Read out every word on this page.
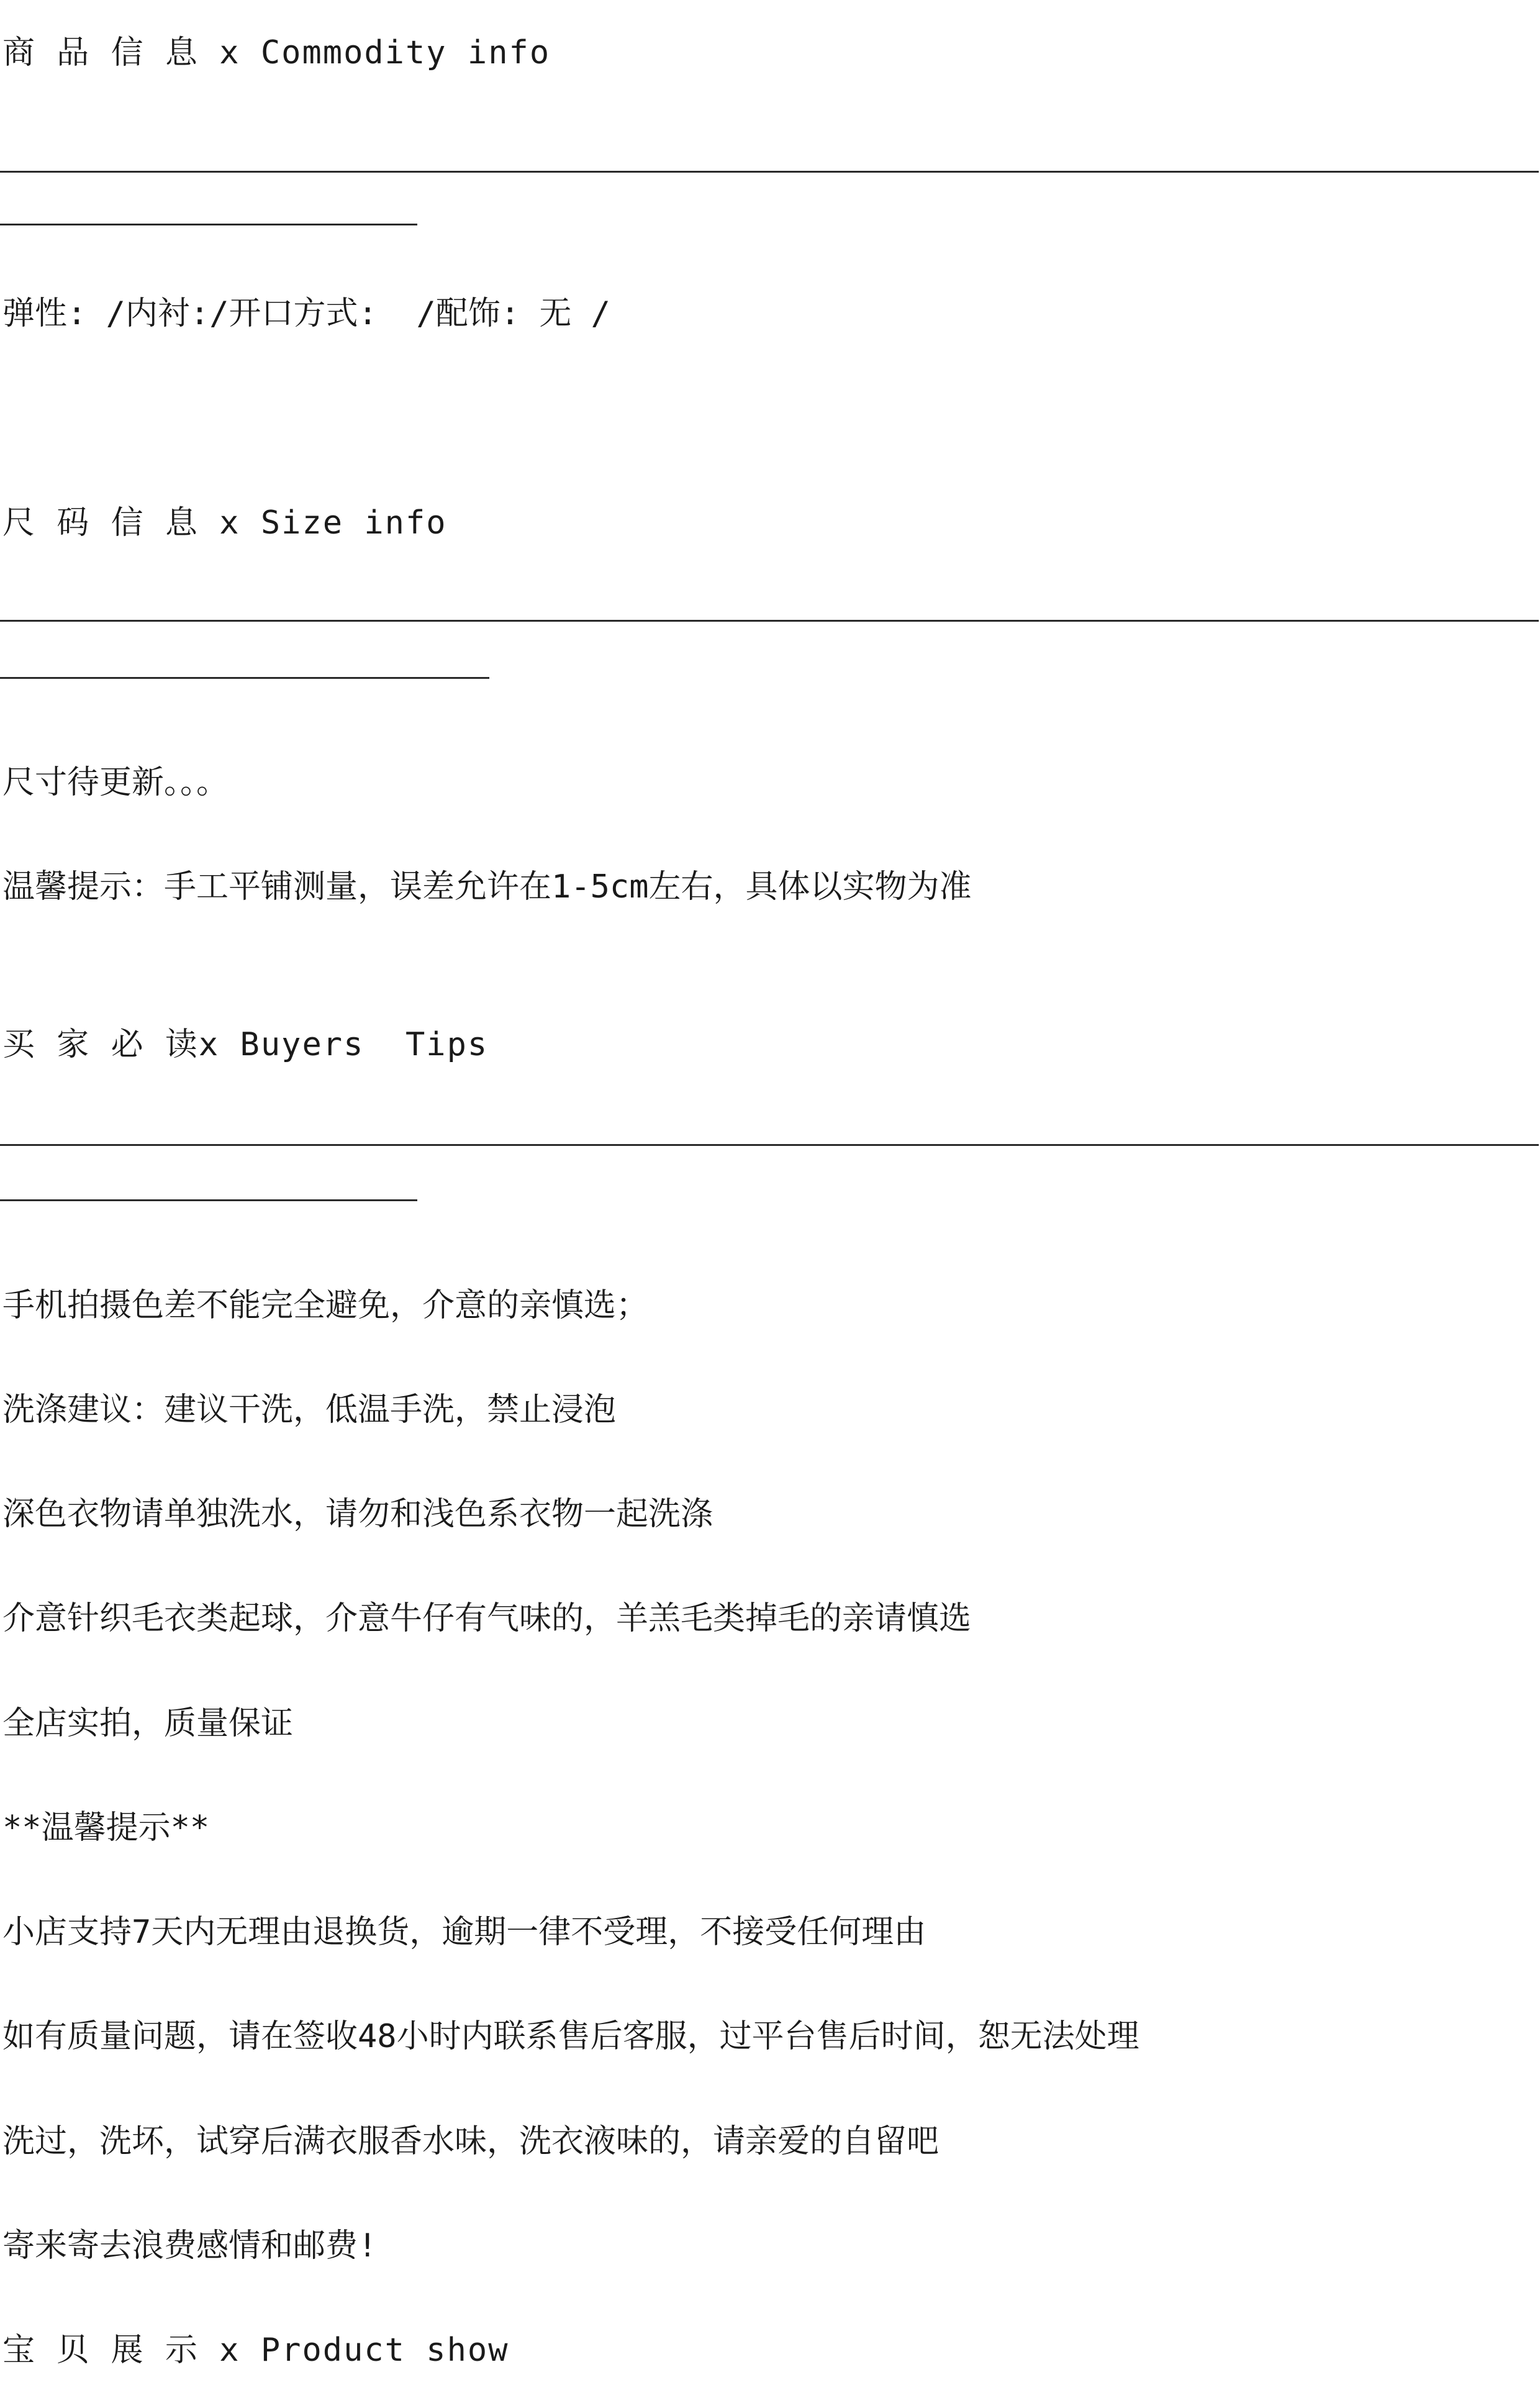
商 品 信 息 x Commodity info
弹性: /内衬:/开口方式:  /配饰: 无 /
尺 码 信 息 x Size info
尺寸待更新。。。
温馨提示：手工平铺测量，误差允许在1-5cm左右，具体以实物为准
买 家 必 读x Buyers  Tips
手机拍摄色差不能完全避免，介意的亲慎选；
洗涤建议：建议干洗，低温手洗，禁止浸泡
深色衣物请单独洗水，请勿和浅色系衣物一起洗涤
介意针织毛衣类起球，介意牛仔有气味的，羊羔毛类掉毛的亲请慎选
全店实拍，质量保证
**温馨提示**
小店支持7天内无理由退换货，逾期一律不受理，不接受任何理由
如有质量问题，请在签收48小时内联系售后客服，过平台售后时间，恕无法处理
洗过，洗坏，试穿后满衣服香水味，洗衣液味的，请亲爱的自留吧
寄来寄去浪费感情和邮费!
宝 贝 展 示 x Product show
